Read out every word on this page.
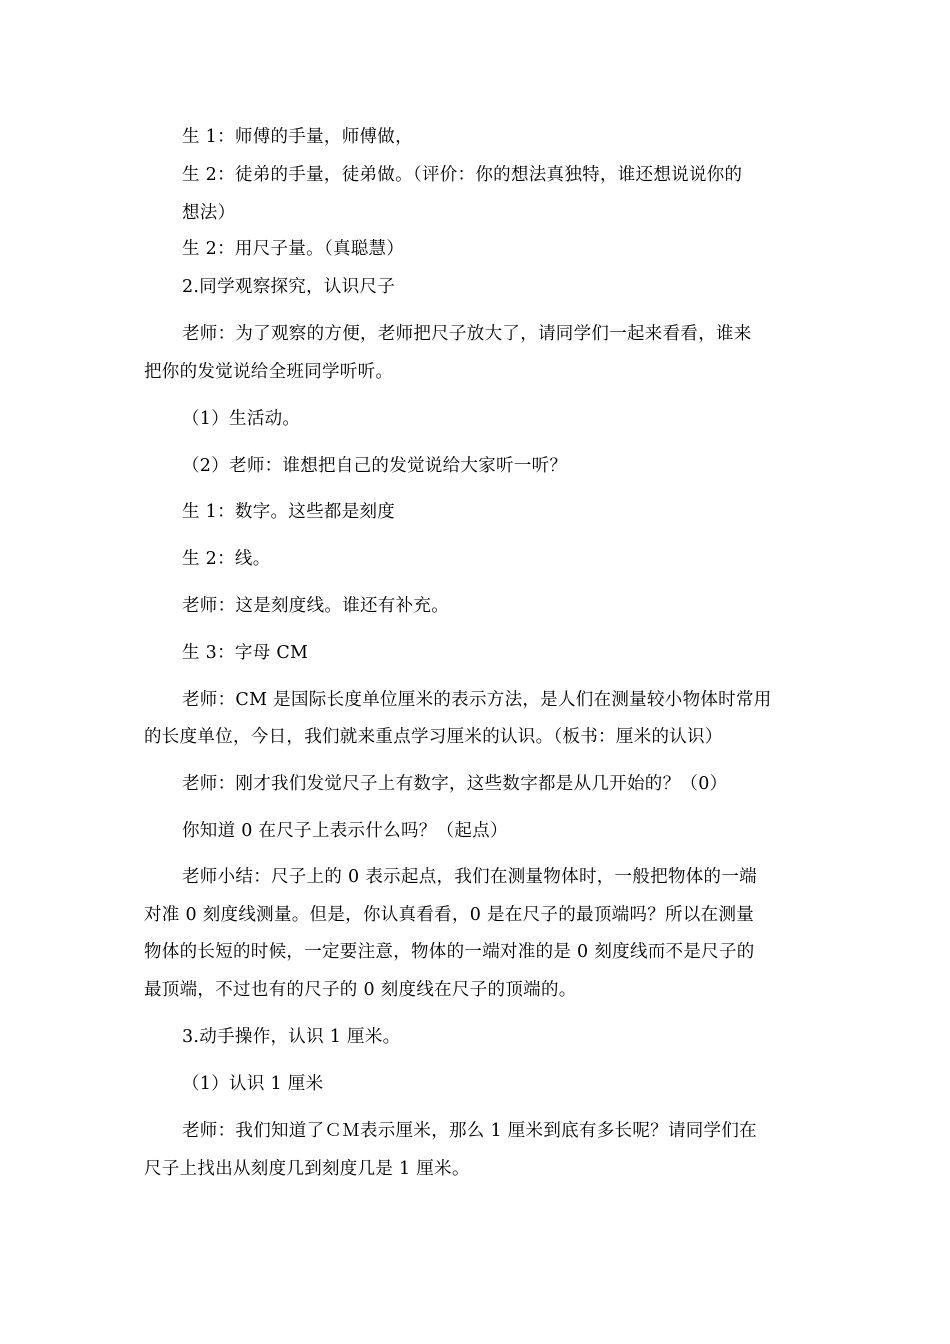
生 1：师傅的手量，师傅做，
生 2：徒弟的手量，徒弟做。（评价：你的想法真独特，谁还想说说你的
想法）
生 2：用尺子量。（真聪慧）
2.同学观察探究，认识尺子
老师：为了观察的方便，老师把尺子放大了，请同学们一起来看看，谁来
把你的发觉说给全班同学听听。
（1）生活动。
（2）老师：谁想把自己的发觉说给大家听一听？
生 1：数字。这些都是刻度
生 2：线。
老师：这是刻度线。谁还有补充。
生 3：字母 CM
老师：CM 是国际长度单位厘米的表示方法，是人们在测量较小物体时常用
的长度单位，今日，我们就来重点学习厘米的认识。（板书：厘米的认识）
老师：刚才我们发觉尺子上有数字，这些数字都是从几开始的？（0）
你知道 0 在尺子上表示什么吗？（起点）
老师小结：尺子上的 0 表示起点，我们在测量物体时，一般把物体的一端
对准 0 刻度线测量。但是，你认真看看，0 是在尺子的最顶端吗？所以在测量
物体的长短的时候，一定要注意，物体的一端对准的是 0 刻度线而不是尺子的
最顶端，不过也有的尺子的 0 刻度线在尺子的顶端的。
3.动手操作，认识 1 厘米。
（1）认识 1 厘米
老师：我们知道了ＣＭ表示厘米，那么 1 厘米到底有多长呢？请同学们在
尺子上找出从刻度几到刻度几是 1 厘米。
